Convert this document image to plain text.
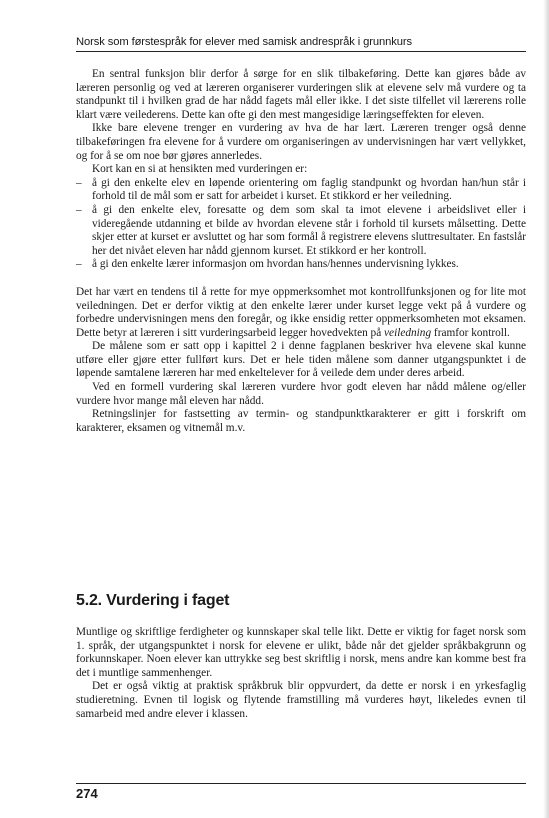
Norsk som førstespråk for elever med samisk andrespråk i grunnkurs

En sentral funksjon blir derfor å sørge for en slik tilbakeføring. Dette kan gjøres både av læreren personlig og ved at læreren organiserer vurderingen slik at elevene selv må vurdere og ta standpunkt til i hvilken grad de har nådd fagets mål eller ikke. I det siste tilfellet vil lærerens rolle klart være veilederens. Dette kan ofte gi den mest mangesidige læringseffekten for eleven.

Ikke bare elevene trenger en vurdering av hva de har lært. Læreren trenger også denne tilbakeføringen fra elevene for å vurdere om organiseringen av undervisningen har vært vellykket, og for å se om noe bør gjøres annerledes.

Kort kan en si at hensikten med vurderingen er:

– å gi den enkelte elev en løpende orientering om faglig standpunkt og hvordan han/hun står i forhold til de mål som er satt for arbeidet i kurset. Et stikkord er her veiledning.
– å gi den enkelte elev, foresatte og dem som skal ta imot elevene i arbeidslivet eller i videregående utdanning et bilde av hvordan elevene står i forhold til kursets målsetting. Dette skjer etter at kurset er avsluttet og har som formål å registrere elevens sluttresultater. En fastslår her det nivået eleven har nådd gjennom kurset. Et stikkord er her kontroll.
– å gi den enkelte lærer informasjon om hvordan hans/hennes undervisning lykkes.

Det har vært en tendens til å rette for mye oppmerksomhet mot kontrollfunksjonen og for lite mot veiledningen. Det er derfor viktig at den enkelte lærer under kurset legge vekt på å vurdere og forbedre undervisningen mens den foregår, og ikke ensidig retter oppmerksomheten mot eksamen. Dette betyr at læreren i sitt vurderingsarbeid legger hovedvekten på veiledning framfor kontroll.

De målene som er satt opp i kapittel 2 i denne fagplanen beskriver hva elevene skal kunne utføre eller gjøre etter fullført kurs. Det er hele tiden målene som danner utgangspunktet i de løpende samtalene læreren har med enkeltelever for å veilede dem under deres arbeid.

Ved en formell vurdering skal læreren vurdere hvor godt eleven har nådd målene og/eller vurdere hvor mange mål eleven har nådd.

Retningslinjer for fastsetting av termin- og standpunktkarakterer er gitt i forskrift om karakterer, eksamen og vitnemål m.v.

5.2. Vurdering i faget

Muntlige og skriftlige ferdigheter og kunnskaper skal telle likt. Dette er viktig for faget norsk som 1. språk, der utgangspunktet i norsk for elevene er ulikt, både når det gjelder språkbakgrunn og forkunnskaper. Noen elever kan uttrykke seg best skriftlig i norsk, mens andre kan komme best fra det i muntlige sammenhenger.

Det er også viktig at praktisk språkbruk blir oppvurdert, da dette er norsk i en yrkesfaglig studieretning. Evnen til logisk og flytende framstilling må vurderes høyt, likeledes evnen til samarbeid med andre elever i klassen.

274
